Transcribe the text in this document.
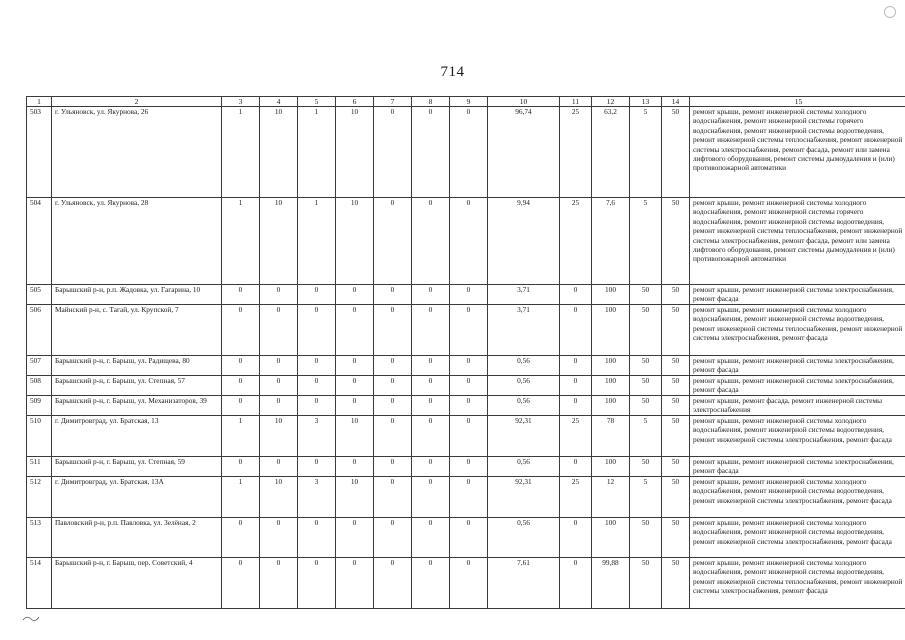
714
1	2	3	4	5	6	7	8	9	10	11	12	13	14	15
503	г. Ульяновск, ул. Якурнова, 26	1	10	1	10	0	0	0	96,74	25	63,2	5	50	ремонт крыши, ремонт инженерной системы холодного водоснабжения, ремонт инженерной системы горячего водоснабжения, ремонт инженерной системы водоотведения, ремонт инженерной системы теплоснабжения, ремонт инженерной системы электроснабжения, ремонт фасада, ремонт или замена лифтового оборудования, ремонт системы дымоудаления и (или) противопожарной автоматики
504	г. Ульяновск, ул. Якурнова, 28	1	10	1	10	0	0	0	9,94	25	7,6	5	50	ремонт крыши, ремонт инженерной системы холодного водоснабжения, ремонт инженерной системы горячего водоснабжения, ремонт инженерной системы водоотведения, ремонт инженерной системы теплоснабжения, ремонт инженерной системы электроснабжения, ремонт фасада, ремонт или замена лифтового оборудования, ремонт системы дымоудаления и (или) противопожарной автоматики
505	Барышский р-н, р.п. Жадовка, ул. Гагарина, 10	0	0	0	0	0	0	0	3,71	0	100	50	50	ремонт крыши, ремонт инженерной системы электроснабжения, ремонт фасада
506	Майнский р-н, с. Тагай, ул. Крупской, 7	0	0	0	0	0	0	0	3,71	0	100	50	50	ремонт крыши, ремонт инженерной системы холодного водоснабжения, ремонт инженерной системы водоотведения, ремонт инженерной системы теплоснабжения, ремонт инженерной системы электроснабжения, ремонт фасада
507	Барышский р-н, г. Барыш, ул. Радищева, 80	0	0	0	0	0	0	0	0,56	0	100	50	50	ремонт крыши, ремонт инженерной системы электроснабжения, ремонт фасада
508	Барышский р-н, г. Барыш, ул. Степная, 57	0	0	0	0	0	0	0	0,56	0	100	50	50	ремонт крыши, ремонт инженерной системы электроснабжения, ремонт фасада
509	Барышский р-н, г. Барыш, ул. Механизаторов, 39	0	0	0	0	0	0	0	0,56	0	100	50	50	ремонт крыши, ремонт фасада, ремонт инженерной системы электроснабжения
510	г. Димитровград, ул. Братская, 13	1	10	3	10	0	0	0	92,31	25	78	5	50	ремонт крыши, ремонт инженерной системы холодного водоснабжения, ремонт инженерной системы водоотведения, ремонт инженерной системы электроснабжения, ремонт фасада
511	Барышский р-н, г. Барыш, ул. Степная, 59	0	0	0	0	0	0	0	0,56	0	100	50	50	ремонт крыши, ремонт инженерной системы электроснабжения, ремонт фасада
512	г. Димитровград, ул. Братская, 13А	1	10	3	10	0	0	0	92,31	25	12	5	50	ремонт крыши, ремонт инженерной системы холодного водоснабжения, ремонт инженерной системы водоотведения, ремонт инженерной системы электроснабжения, ремонт фасада
513	Павловский р-н, р.п. Павловка, ул. Зелёная, 2	0	0	0	0	0	0	0	0,56	0	100	50	50	ремонт крыши, ремонт инженерной системы холодного водоснабжения, ремонт инженерной системы водоотведения, ремонт инженерной системы электроснабжения, ремонт фасада
514	Барышский р-н, г. Барыш, пер. Советский, 4	0	0	0	0	0	0	0	7,61	0	99,88	50	50	ремонт крыши, ремонт инженерной системы холодного водоснабжения, ремонт инженерной системы водоотведения, ремонт инженерной системы теплоснабжения, ремонт инженерной системы электроснабжения, ремонт фасада
